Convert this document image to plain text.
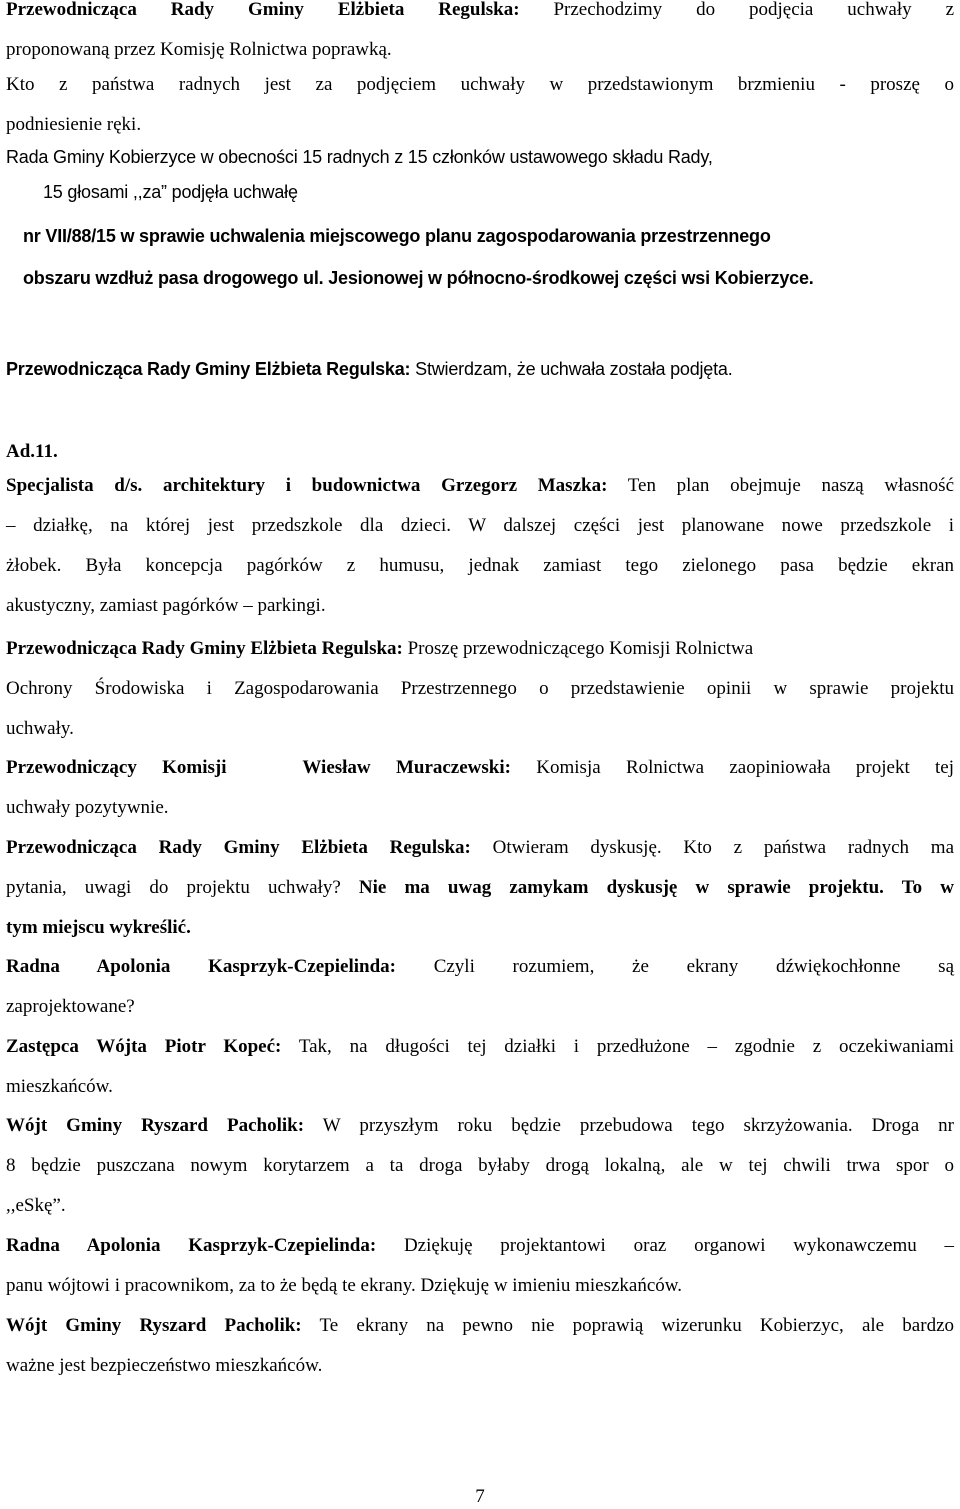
Przewodnicząca Rady Gminy Elżbieta Regulska: Przechodzimy do podjęcia uchwały z
proponowaną przez Komisję Rolnictwa poprawką.
Kto z państwa radnych jest za podjęciem uchwały w przedstawionym brzmieniu - proszę o
podniesienie ręki.
Rada Gminy Kobierzyce w obecności 15 radnych z 15 członków ustawowego składu Rady,
15 głosami ,,za” podjęła uchwałę
nr VII/88/15 w sprawie uchwalenia miejscowego planu zagospodarowania przestrzennego
obszaru wzdłuż pasa drogowego ul. Jesionowej w północno-środkowej części wsi Kobierzyce.
Przewodnicząca Rady Gminy Elżbieta Regulska: Stwierdzam, że uchwała została podjęta.
Ad.11.
Specjalista d/s. architektury i budownictwa Grzegorz Maszka: Ten plan obejmuje naszą własność
– działkę, na której jest przedszkole dla dzieci. W dalszej części jest planowane nowe przedszkole i
żłobek. Była koncepcja pagórków z humusu, jednak zamiast tego zielonego pasa będzie ekran
akustyczny, zamiast pagórków – parkingi.
Przewodnicząca Rady Gminy Elżbieta Regulska: Proszę przewodniczącego Komisji Rolnictwa
Ochrony Środowiska i Zagospodarowania Przestrzennego o przedstawienie opinii w sprawie projektu
uchwały.
Przewodniczący Komisji	Wiesław Muraczewski: Komisja Rolnictwa zaopiniowała projekt tej
uchwały pozytywnie.
Przewodnicząca Rady Gminy Elżbieta Regulska: Otwieram dyskusję. Kto z państwa radnych ma
pytania, uwagi do projektu uchwały? Nie ma uwag zamykam dyskusję w sprawie projektu. To w
tym miejscu wykreślić.
Radna Apolonia Kasprzyk-Czepielinda: Czyli rozumiem, że ekrany dźwiękochłonne są
zaprojektowane?
Zastępca Wójta Piotr Kopeć: Tak, na długości tej działki i przedłużone – zgodnie z oczekiwaniami
mieszkańców.
Wójt Gminy Ryszard Pacholik: W przyszłym roku będzie przebudowa tego skrzyżowania. Droga nr
8 będzie puszczana nowym korytarzem a ta droga byłaby drogą lokalną, ale w tej chwili trwa spor o
,,eSkę”.
Radna Apolonia Kasprzyk-Czepielinda: Dziękuję projektantowi oraz organowi wykonawczemu –
panu wójtowi i pracownikom, za to że będą te ekrany. Dziękuję w imieniu mieszkańców.
Wójt Gminy Ryszard Pacholik: Te ekrany na pewno nie poprawią wizerunku Kobierzyc, ale bardzo
ważne jest bezpieczeństwo mieszkańców.
7
